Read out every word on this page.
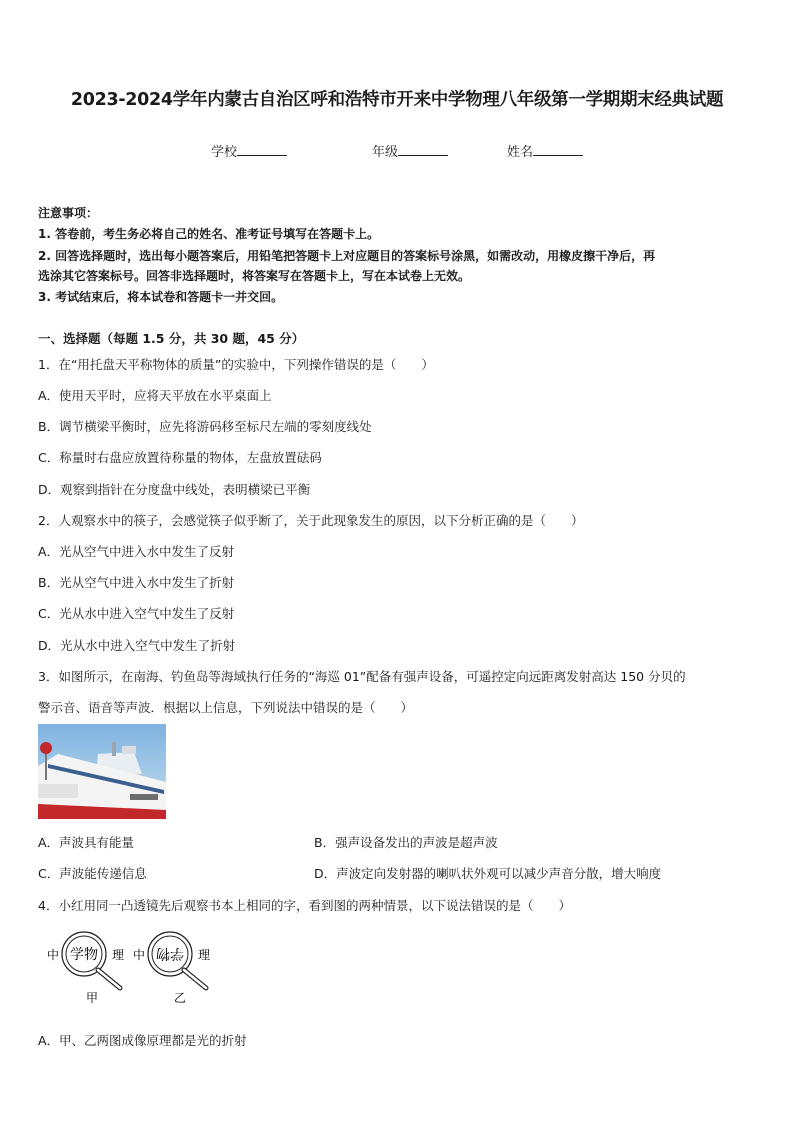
2023-2024学年内蒙古自治区呼和浩特市开来中学物理八年级第一学期期末经典试题
学校	年级	姓名
注意事项：
1. 答卷前，考生务必将自己的姓名、准考证号填写在答题卡上。
2. 回答选择题时，选出每小题答案后，用铅笔把答题卡上对应题目的答案标号涂黑，如需改动，用橡皮擦干净后，再
选涂其它答案标号。回答非选择题时，将答案写在答题卡上，写在本试卷上无效。
3. 考试结束后，将本试卷和答题卡一并交回。
一、选择题（每题 1.5 分，共 30 题，45 分）
1．在“用托盘天平称物体的质量”的实验中，下列操作错误的是（　　）
A．使用天平时，应将天平放在水平桌面上
B．调节横梁平衡时，应先将游码移至标尺左端的零刻度线处
C．称量时右盘应放置待称量的物体，左盘放置砝码
D．观察到指针在分度盘中线处，表明横梁已平衡
2．人观察水中的筷子，会感觉筷子似乎断了，关于此现象发生的原因，以下分析正确的是（　　）
A．光从空气中进入水中发生了反射
B．光从空气中进入水中发生了折射
C．光从水中进入空气中发生了反射
D．光从水中进入空气中发生了折射
3．如图所示，在南海、钓鱼岛等海域执行任务的“海巡 01”配备有强声设备，可遥控定向远距离发射高达 150 分贝的
警示音、语音等声波．根据以上信息，下列说法中错误的是（　　）
A．声波具有能量	B．强声设备发出的声波是超声波
C．声波能传递信息	D．声波定向发射器的喇叭状外观可以减少声音分散，增大响度
4．小红用同一凸透镜先后观察书本上相同的字，看到图的两种情景，以下说法错误的是（　　）
中 学物 理
甲
中 学物 理
乙
A．甲、乙两图成像原理都是光的折射
